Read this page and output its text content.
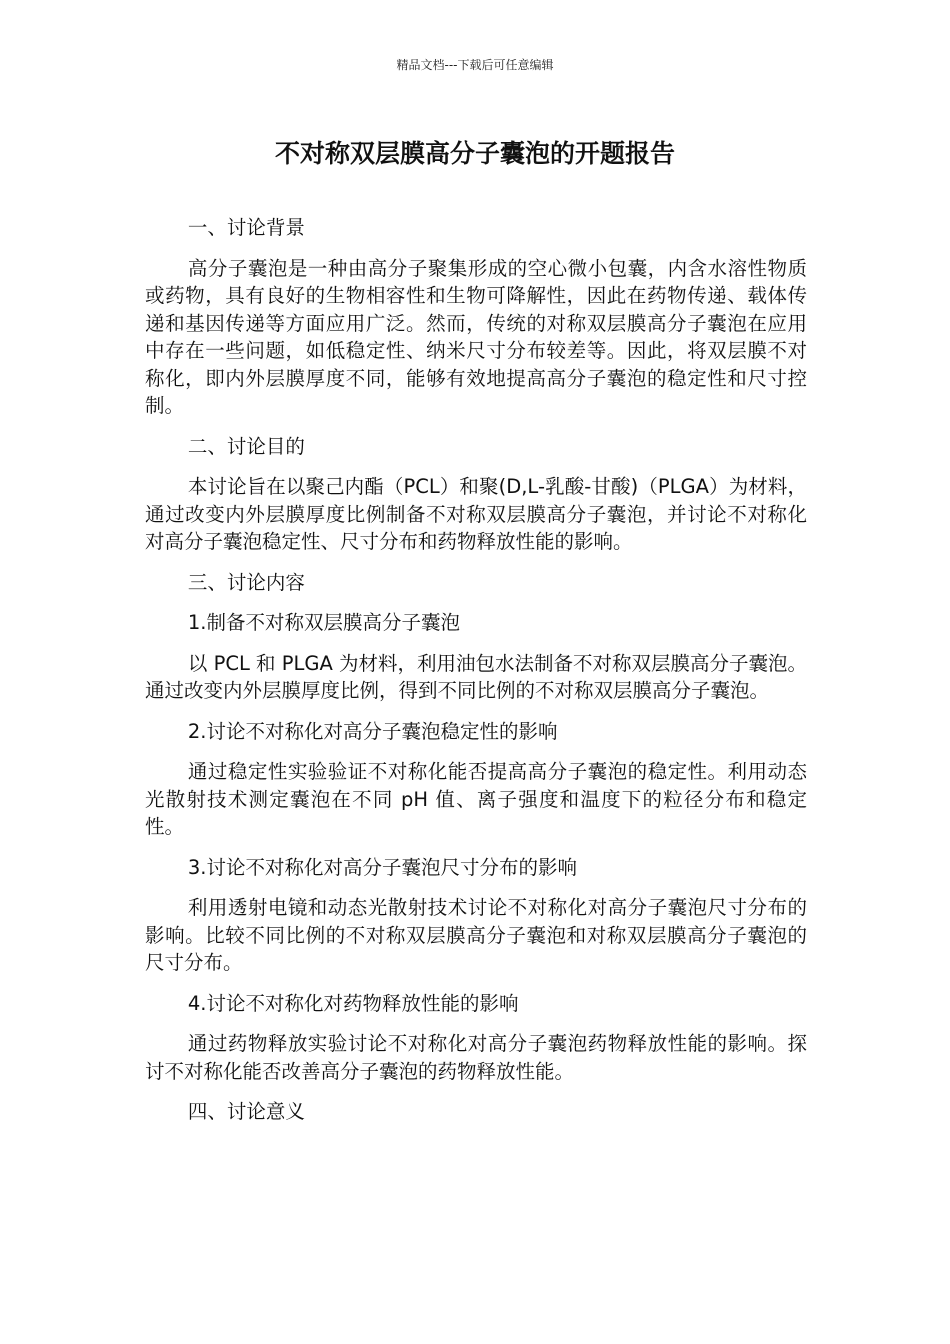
精品文档---下载后可任意编辑
不对称双层膜高分子囊泡的开题报告
一、讨论背景
高分子囊泡是一种由高分子聚集形成的空心微小包囊，内含水溶性物质或药物，具有良好的生物相容性和生物可降解性，因此在药物传递、载体传递和基因传递等方面应用广泛。然而，传统的对称双层膜高分子囊泡在应用中存在一些问题，如低稳定性、纳米尺寸分布较差等。因此，将双层膜不对称化，即内外层膜厚度不同，能够有效地提高高分子囊泡的稳定性和尺寸控制。
二、讨论目的
本讨论旨在以聚己内酯（PCL）和聚(D,L-乳酸-甘酸)（PLGA）为材料，通过改变内外层膜厚度比例制备不对称双层膜高分子囊泡，并讨论不对称化对高分子囊泡稳定性、尺寸分布和药物释放性能的影响。
三、讨论内容
1.制备不对称双层膜高分子囊泡
以 PCL 和 PLGA 为材料，利用油包水法制备不对称双层膜高分子囊泡。通过改变内外层膜厚度比例，得到不同比例的不对称双层膜高分子囊泡。
2.讨论不对称化对高分子囊泡稳定性的影响
通过稳定性实验验证不对称化能否提高高分子囊泡的稳定性。利用动态光散射技术测定囊泡在不同 pH 值、离子强度和温度下的粒径分布和稳定性。
3.讨论不对称化对高分子囊泡尺寸分布的影响
利用透射电镜和动态光散射技术讨论不对称化对高分子囊泡尺寸分布的影响。比较不同比例的不对称双层膜高分子囊泡和对称双层膜高分子囊泡的尺寸分布。
4.讨论不对称化对药物释放性能的影响
通过药物释放实验讨论不对称化对高分子囊泡药物释放性能的影响。探讨不对称化能否改善高分子囊泡的药物释放性能。
四、讨论意义
